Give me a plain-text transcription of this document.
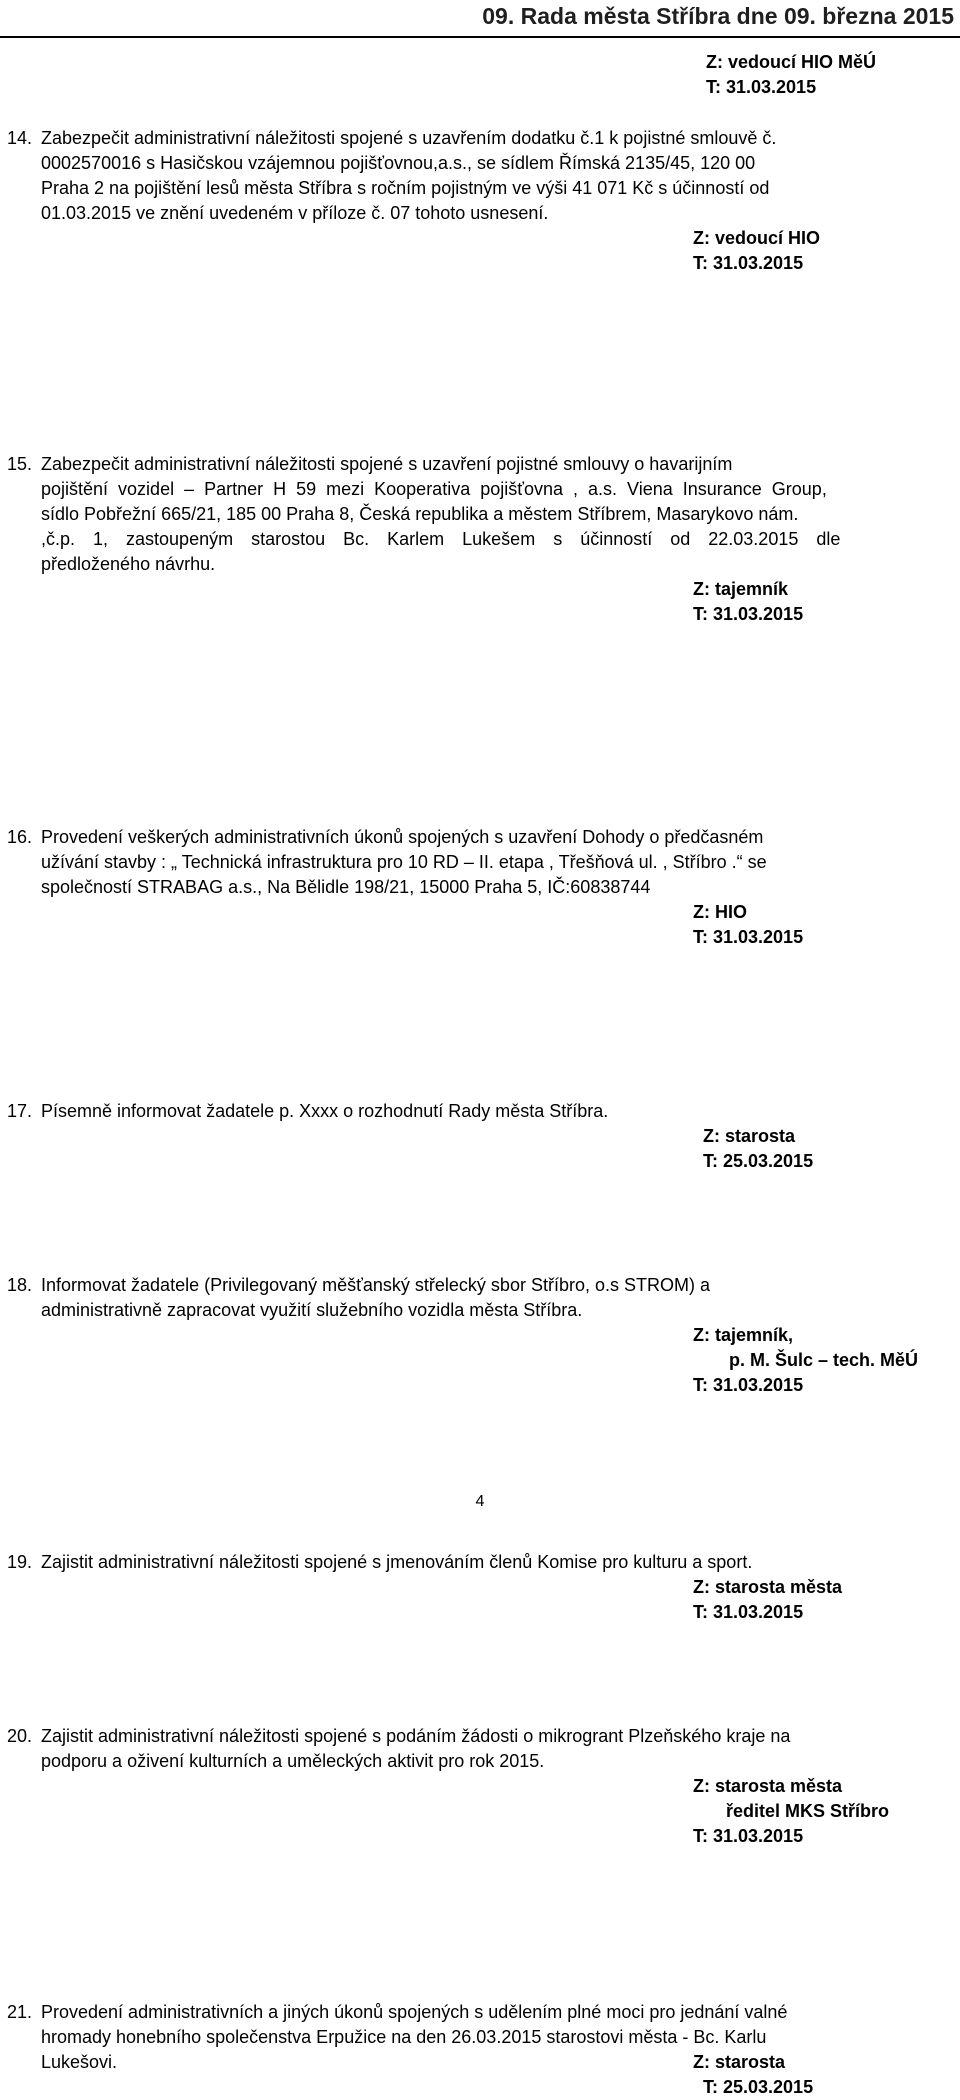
09. Rada města Stříbra dne 09. března 2015
Z: vedoucí HIO MěÚ
T: 31.03.2015
14. Zabezpečit administrativní náležitosti spojené s uzavřením dodatku č.1 k pojistné smlouvě č.
0002570016 s Hasičskou vzájemnou pojišťovnou,a.s., se sídlem Římská 2135/45, 120 00
Praha 2 na pojištění lesů města Stříbra s ročním pojistným ve výši 41 071 Kč s účinností od
01.03.2015 ve znění uvedeném v příloze č. 07 tohoto usnesení.
Z: vedoucí HIO
T: 31.03.2015
15. Zabezpečit administrativní náležitosti spojené s uzavření pojistné smlouvy o havarijním
pojištění vozidel – Partner H 59 mezi Kooperativa pojišťovna , a.s. Viena Insurance Group,
sídlo Pobřežní 665/21, 185 00 Praha 8, Česká republika a městem Stříbrem, Masarykovo nám.
,č.p. 1, zastoupeným starostou Bc. Karlem Lukešem s účinností od 22.03.2015 dle
předloženého návrhu.
Z: tajemník
T: 31.03.2015
16. Provedení veškerých administrativních úkonů spojených s uzavření Dohody o předčasném
užívání stavby : „ Technická infrastruktura pro 10 RD – II. etapa , Třešňová ul. , Stříbro .“ se
společností STRABAG a.s., Na Bělidle 198/21, 15000 Praha 5, IČ:60838744
Z: HIO
T: 31.03.2015
17. Písemně informovat žadatele p. Xxxx o rozhodnutí Rady města Stříbra.
Z: starosta
T: 25.03.2015
18. Informovat žadatele (Privilegovaný měšťanský střelecký sbor Stříbro, o.s STROM) a
administrativně zapracovat využití služebního vozidla města Stříbra.
Z: tajemník,
p. M. Šulc – tech. MěÚ
T: 31.03.2015
19. Zajistit administrativní náležitosti spojené s jmenováním členů Komise pro kulturu a sport.
Z: starosta města
T: 31.03.2015
20. Zajistit administrativní náležitosti spojené s podáním žádosti o mikrogrant Plzeňského kraje na
podporu a oživení kulturních a uměleckých aktivit pro rok 2015.
Z: starosta města
ředitel MKS Stříbro
T: 31.03.2015
21. Provedení administrativních a jiných úkonů spojených s udělením plné moci pro jednání valné
hromady honebního společenstva Erpužice na den 26.03.2015 starostovi města - Bc. Karlu
Lukešovi.	Z: starosta
T: 25.03.2015
4
